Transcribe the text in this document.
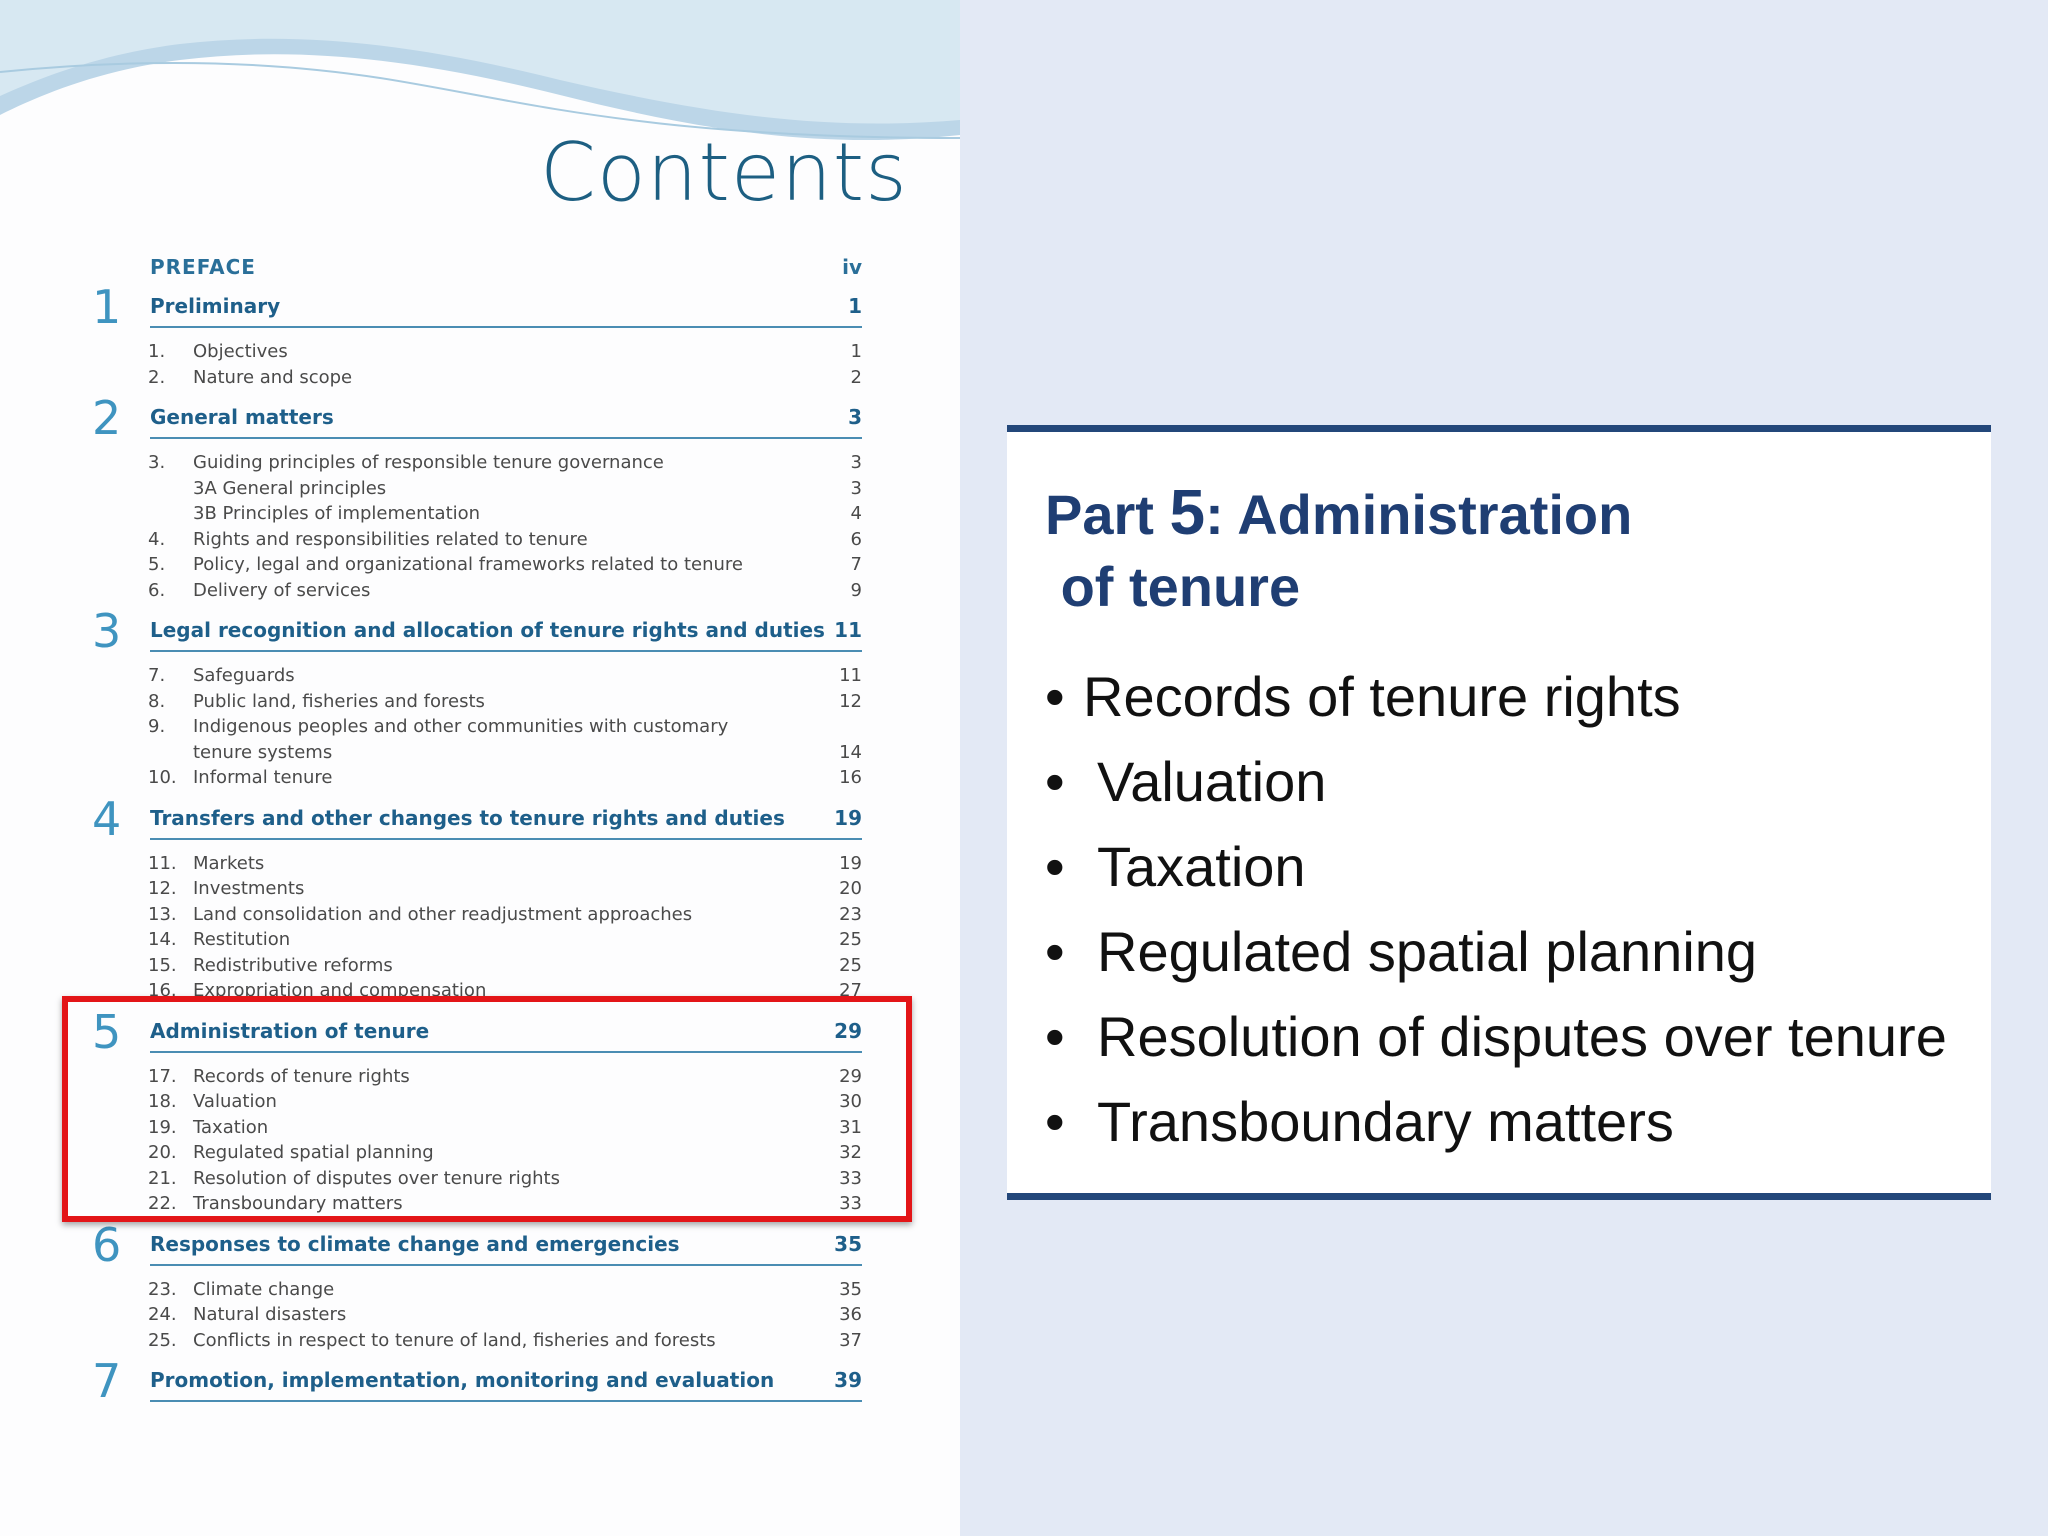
Contents
PREFACE	iv
1 Preliminary	1
1. Objectives	1
2. Nature and scope	2
2 General matters	3
3. Guiding principles of responsible tenure governance	3
3A General principles	3
3B Principles of implementation	4
4. Rights and responsibilities related to tenure	6
5. Policy, legal and organizational frameworks related to tenure	7
6. Delivery of services	9
3 Legal recognition and allocation of tenure rights and duties 11
7. Safeguards	11
8. Public land, fisheries and forests	12
9. Indigenous peoples and other communities with customary
tenure systems	14
10. Informal tenure	16
4 Transfers and other changes to tenure rights and duties 19
11. Markets	19
12. Investments	20
13. Land consolidation and other readjustment approaches	23
14. Restitution	25
15. Redistributive reforms	25
16. Expropriation and compensation	27
5 Administration of tenure	29
17. Records of tenure rights	29
18. Valuation	30
19. Taxation	31
20. Regulated spatial planning	32
21. Resolution of disputes over tenure rights	33
22. Transboundary matters	33
6 Responses to climate change and emergencies	35
23. Climate change	35
24. Natural disasters	36
25. Conflicts in respect to tenure of land, fisheries and forests	37
7 Promotion, implementation, monitoring and evaluation	39
Part 5: Administration
of tenure
• Records of tenure rights
• Valuation
• Taxation
• Regulated spatial planning
• Resolution of disputes over tenure
• Transboundary matters
